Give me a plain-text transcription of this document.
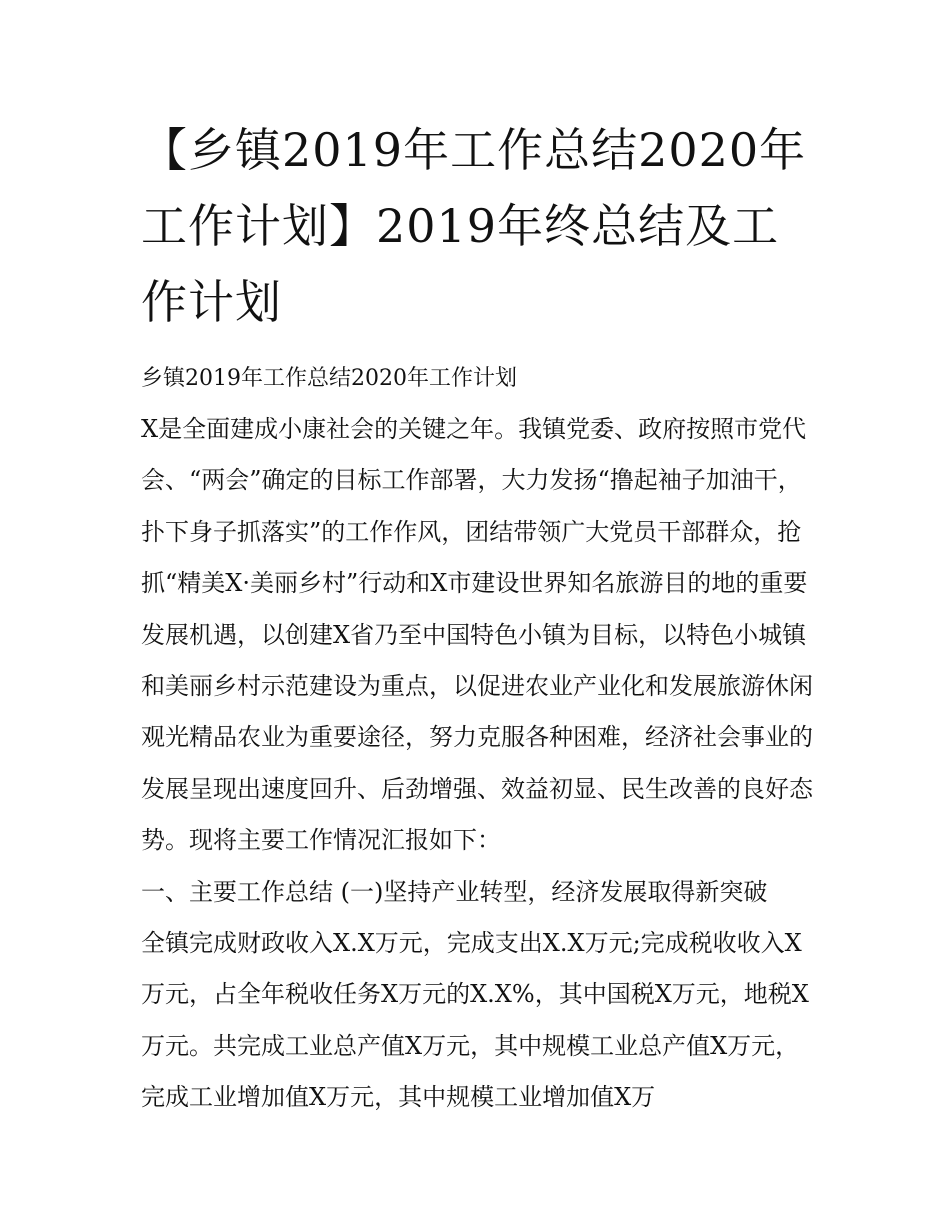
【乡镇2019年工作总结2020年工作计划】2019年终总结及工作计划

乡镇2019年工作总结2020年工作计划

X是全面建成小康社会的关键之年。我镇党委、政府按照市党代会、“两会”确定的目标工作部署，大力发扬“撸起袖子加油干，扑下身子抓落实”的工作作风，团结带领广大党员干部群众，抢抓“精美X·美丽乡村”行动和X市建设世界知名旅游目的地的重要发展机遇，以创建X省乃至中国特色小镇为目标，以特色小城镇和美丽乡村示范建设为重点，以促进农业产业化和发展旅游休闲观光精品农业为重要途径，努力克服各种困难，经济社会事业的发展呈现出速度回升、后劲增强、效益初显、民生改善的良好态势。现将主要工作情况汇报如下：

一、主要工作总结 (一)坚持产业转型，经济发展取得新突破

全镇完成财政收入X.X万元，完成支出X.X万元;完成税收收入X万元，占全年税收任务X万元的X.X%，其中国税X万元，地税X万元。共完成工业总产值X万元，其中规模工业总产值X万元，完成工业增加值X万元，其中规模工业增加值X万
